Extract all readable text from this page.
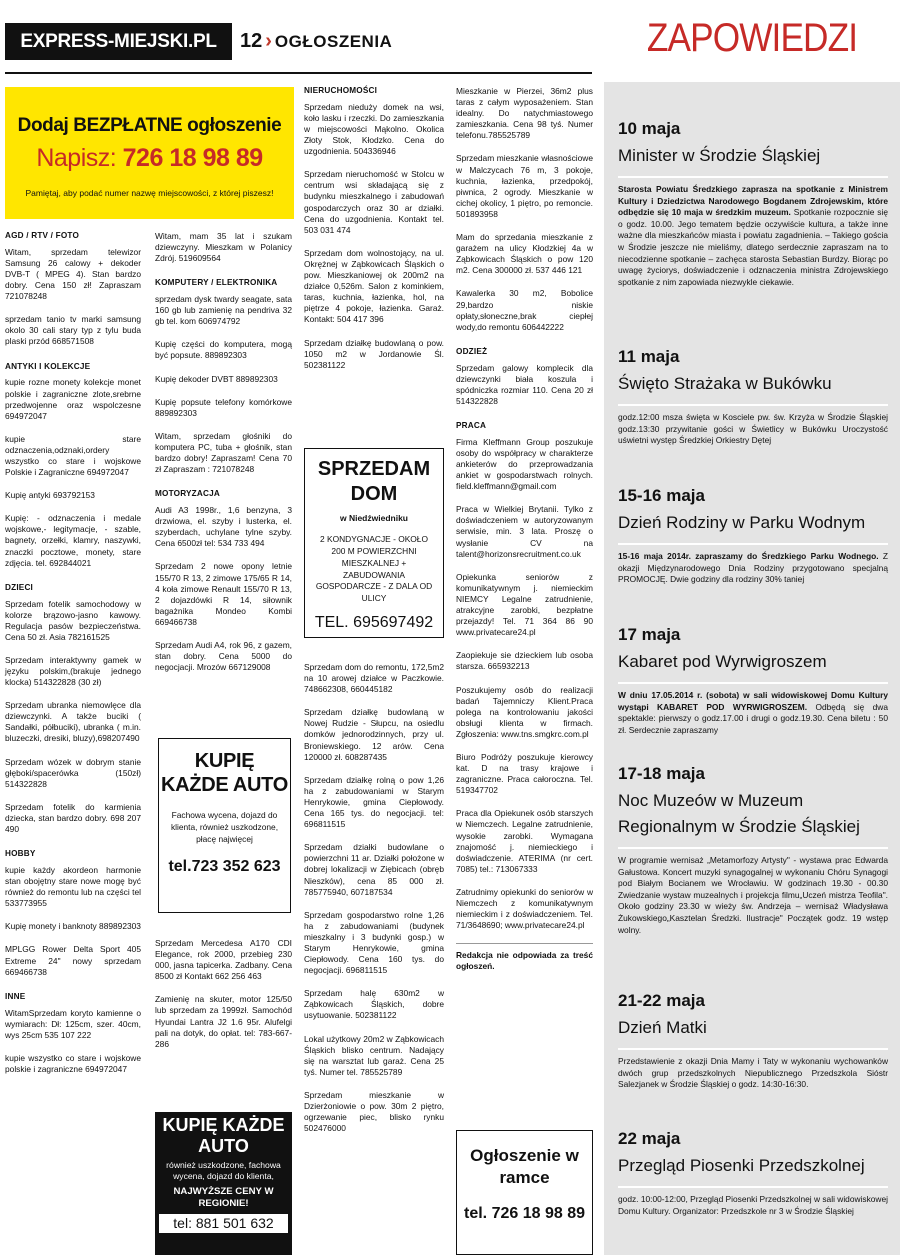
EXPRESS-MIEJSKI.PL	12 › OGŁOSZENIA	ZAPOWIEDZI
Dodaj BEZPŁATNE ogłoszenie
Napisz: 726 18 98 89
Pamiętaj, aby podać numer nazwę miejscowości, z której piszesz!
AGD / RTV / FOTO

Witam, sprzedam telewizor Samsung 26 calowy + dekoder DVB-T ( MPEG 4). Stan bardzo dobry. Cena 150 zł! Zapraszam 721078248

sprzedam tanio tv marki samsung okolo 30 cali stary typ z tylu buda plaski przód 668571508

ANTYKI I KOLEKCJE

kupie rozne monety kolekcje monet polskie i zagraniczne zlote,srebrne przedwojenne oraz wspolczesne 694972047

kupie stare odznaczenia,odznaki,ordery wszystko co stare i wojskowe Polskie i Zagraniczne 694972047

Kupię antyki 693792153

Kupię: - odznaczenia i medale wojskowe,- legitymacje, - szable, bagnety, orzełki, klamry, naszywki, znaczki pocztowe, monety, stare zdjęcia. tel. 692844021

DZIECI

Sprzedam fotelik samochodowy w kolorze brązowo-jasno kawowy. Regulacja pasów bezpieczeństwa. Cena 50 zł. Asia 782161525

Sprzedam interaktywny gamek w języku polskim,(brakuje jednego klocka) 514322828 (30 zł)

Sprzedam ubranka niemowlęce dla dziewczynki. A także buciki ( Sandałki, półbuciki), ubranka ( m.in. bluzeczki, dresiki, bluzy),698207490

Sprzedam wózek w dobrym stanie głęboki/spacerówka (150zł) 514322828

Sprzedam fotelik do karmienia dziecka, stan bardzo dobry. 698 207 490

HOBBY

kupie każdy akordeon harmonie stan obojętny stare nowe mogę być również do remontu lub na części tel 533773955

Kupię monety i banknoty 889892303

MPLGG Rower Delta Sport 405 Extreme 24" nowy sprzedam 669466738

INNE

WitamSprzedam koryto kamienne o wymiarach: Dł: 125cm, szer. 40cm, wys 25cm 535 107 222

kupie wszystko co stare i wojskowe polskie i zagraniczne 694972047

Witam, mam 35 lat i szukam dziewczyny. Mieszkam w Polanicy Zdrój. 519609564

KOMPUTERY / ELEKTRONIKA

sprzedam dysk twardy seagate, sata 160 gb lub zamienię na pendriva 32 gb tel. kom 606974792

Kupię części do komputera, mogą być popsute. 889892303

Kupię dekoder DVBT 889892303

Kupię popsute telefony komórkowe 889892303

Witam, sprzedam głośniki do komputera PC, tuba + głośnik, stan bardzo dobry! Zapraszam! Cena 70 zł Zapraszam : 721078248

MOTORYZACJA

Audi A3 1998r., 1,6 benzyna, 3 drzwiowa, el. szyby i lusterka, el. szyberdach, uchylane tylne szyby. Cena 6500zł tel: 534 733 494

Sprzedam 2 nowe opony letnie 155/70 R 13, 2 zimowe 175/65 R 14, 4 koła zimowe Renault 155/70 R 13, 2 dojazdówki R 14, siłownik bagażnika Mondeo Kombi 669466738

Sprzedam Audi A4, rok 96, z gazem, stan dobry. Cena 5000 do negocjacji. Mrozów 667129008

Sprzedam Mercedesa A170 CDI Elegance, rok 2000, przebieg 230 000, jasna tapicerka. Zadbany. Cena 8500 zł Kontakt 662 256 463

Zamienię na skuter, motor 125/50 lub sprzedam za 1999zł. Samochód Hyundai Lantra J2 1.6 95r. Alufelgi pali na dotyk, do opłat. tel: 783-667-286

NIERUCHOMOŚCI

Sprzedam nieduży domek na wsi, koło lasku i rzeczki. Do zamieszkania w miejscowości Mąkolno. Okolica Złoty Stok, Kłodzko. Cena do uzgodnienia. 504336946

Sprzedam nieruchomość w Stolcu w centrum wsi składającą się z budynku mieszkalnego i zabudowań gospodarczych oraz 30 ar działki. Cena do uzgodnienia. Kontakt tel. 503 031 474

Sprzedam dom wolnostojący, na ul. Okrężnej w Ząbkowicach Śląskich o pow. Mieszkaniowej ok 200m2 na działce 0,526m. Salon z kominkiem, taras, kuchnia, łazienka, hol, na piętrze 4 pokoje, łazienka. Garaż. Kontakt: 504 417 396

Sprzedam działkę budowlaną o pow. 1050 m2 w Jordanowie Śl. 502381122

Sprzedam dom do remontu, 172,5m2 na 10 arowej działce w Paczkowie. 748662308, 660445182

Sprzedam działkę budowlaną w Nowej Rudzie - Słupcu, na osiedlu domków jednorodzinnych, przy ul. Broniewskiego. 12 arów. Cena 120000 zł. 608287435

Sprzedam działkę rolną o pow 1,26 ha z zabudowaniami w Starym Henrykowie, gmina Ciepłowody. Cena 165 tys. do negocjacji. tel: 696811515

Sprzedam działki budowlane o powierzchni 11 ar. Działki położone w dobrej lokalizacji w Ziębicach (obręb Nieszków), cena 85 000 zł. 785775940, 607187534

Sprzedam gospodarstwo rolne 1,26 ha z zabudowaniami (budynek mieszkalny i 3 budynki gosp.) w Starym Henrykowie, gmina Ciepłowody. Cena 160 tys. do negocjacji. 696811515

Sprzedam halę 630m2 w Ząbkowicach Śląskich, dobre usytuowanie. 502381122

Lokal użytkowy 20m2 w Ząbkowicach Śląskich blisko centrum. Nadający się na warsztat lub garaż. Cena 25 tyś. Numer tel. 785525789

Sprzedam mieszkanie w Dzierżoniowie o pow. 30m 2 piętro, ogrzewanie piec, blisko rynku 502476000

Mieszkanie w Pierzei, 36m2 plus taras z całym wyposażeniem. Stan idealny. Do natychmiastowego zamieszkania. Cena 98 tyś. Numer telefonu.785525789

Sprzedam mieszkanie własnościowe w Malczycach 76 m, 3 pokoje, kuchnia, łazienka, przedpokój, piwnica, 2 ogrody. Mieszkanie w cichej okolicy, 1 piętro, po remoncie. 501893958

Mam do sprzedania mieszkanie z garażem na ulicy Kłodzkiej 4a w Ząbkowicach Śląskich o pow 120 m2. Cena 300000 zł. 537 446 121

Kawalerka 30 m2, Bobolice 29,bardzo niskie opłaty,słoneczne,brak ciepłej wody,do remontu 606442222

ODZIEŻ

Sprzedam galowy komplecik dla dziewczynki biała koszula i spódniczka rozmiar 110. Cena 20 zł 514322828

PRACA

Firma Kleffmann Group poszukuje osoby do współpracy w charakterze ankieterów do przeprowadzania ankiet w gospodarstwach rolnych. field.kleffmann@gmail.com

Praca w Wielkiej Brytanii. Tylko z doświadczeniem w autoryzowanym serwisie, min. 3 lata. Proszę o wysłanie CV na talent@horizonsrecruitment.co.uk

Opiekunka seniorów z komunikatywnym j. niemieckim NIEMCY Legalne zatrudnienie, atrakcyjne zarobki, bezpłatne przejazdy! Tel. 71 364 86 90 www.privatecare24.pl

Zaopiekuje sie dzieckiem lub osoba starsza. 665932213

Poszukujemy osób do realizacji badań Tajemniczy Klient.Praca polega na kontrolowaniu jakości obsługi klienta w firmach. Zgłoszenia: www.tns.smgkrc.com.pl

Biuro Podróży poszukuje kierowcy kat. D na trasy krajowe i zagraniczne. Praca całoroczna. Tel. 519347702

Praca dla Opiekunek osób starszych w Niemczech. Legalne zatrudnienie, wysokie zarobki. Wymagana znajomość j. niemieckiego i doświadczenie. ATERIMA (nr cert. 7085) tel.: 713067333

Zatrudnimy opiekunki do seniorów w Niemczech z komunikatywnym niemieckim i z doświadczeniem. Tel. 71/3648690; www.privatecare24.pl

Redakcja nie odpowiada za treść ogłoszeń.
KUPIĘ KAŻDE AUTO
Fachowa wycena, dojazd do klienta, również uszkodzone, płacę najwięcej
tel.723 352 623
SPRZEDAM DOM
w Niedźwiedniku
2 KONDYGNACJE - OKOŁO 200 M POWIERZCHNI MIESZKALNEJ + ZABUDOWANIA GOSPODARCZE - Z DALA OD ULICY
TEL. 695697492
KUPIĘ KAŻDE AUTO
również uszkodzone, fachowa wycena, dojazd do klienta,
NAJWYŻSZE CENY W REGIONIE!
tel: 881 501 632
Ogłoszenie w ramce
tel. 726 18 98 89
10 maja
Minister w Środzie Śląskiej
Starosta Powiatu Średzkiego zaprasza na spotkanie z Ministrem Kultury i Dziedzictwa Narodowego Bogdanem Zdrojewskim, które odbędzie się 10 maja w średzkim muzeum. Spotkanie rozpocznie się o godz. 10.00. Jego tematem będzie oczywiście kultura, a także inne ważne dla mieszkańców miasta i powiatu zagadnienia. – Takiego gościa w Środzie jeszcze nie mieliśmy, dlatego serdecznie zapraszam na to niecodzienne spotkanie – zachęca starosta Sebastian Burdzy. Biorąc po uwagę życiorys, doświadczenie i odznaczenia ministra Zdrojewskiego spotkanie z nim zapowiada niezwykle ciekawie.
11 maja
Święto Strażaka w Bukówku
godz.12:00 msza święta w Kosciele pw. św. Krzyża w Środzie Śląskiej godz.13:30 przywitanie gości w Świetlicy w Bukówku Uroczystość uświetni występ Średzkiej Orkiestry Dętej
15-16 maja
Dzień Rodziny w Parku Wodnym
15-16 maja 2014r. zapraszamy do Średzkiego Parku Wodnego. Z okazji Międzynarodowego Dnia Rodziny przygotowano specjalną PROMOCJĘ. Dwie godziny dla rodziny 30% taniej
17 maja
Kabaret pod Wyrwigroszem
W dniu 17.05.2014 r. (sobota) w sali widowiskowej Domu Kultury wystąpi KABARET POD WYRWIGROSZEM. Odbędą się dwa spektakle: pierwszy o godz.17.00 i drugi o godz.19.30. Cena biletu : 50 zł. Serdecznie zapraszamy
17-18 maja
Noc Muzeów w Muzeum Regionalnym w Środzie Śląskiej
W programie wernisaż „Metamorfozy Artysty" - wystawa prac Edwarda Gałustowa. Koncert muzyki synagogalnej w wykonaniu Chóru Synagogi pod Białym Bocianem we Wrocławiu. W godzinach 19.30 - 00.30 Zwiedzanie wystaw muzealnych i projekcja filmu„Uczeń mistrza Teofila". Około godziny 23.30 w wieży św. Andrzeja – wernisaż Władysława Żukowskiego„Kasztelan Średzki. Ilustracje" Początek godz. 19 wstęp wolny.
21-22 maja
Dzień Matki
Przedstawienie z okazji Dnia Mamy i Taty w wykonaniu wychowanków dwóch grup przedszkolnych Niepublicznego Przedszkola Sióstr Salezjanek w Środzie Śląskiej o godz. 14:30-16:30.
22 maja
Przegląd Piosenki Przedszkolnej
godz. 10:00-12:00, Przegląd Piosenki Przedszkolnej w sali widowiskowej Domu Kultury. Organizator: Przedszkole nr 3 w Środzie Śląskiej
